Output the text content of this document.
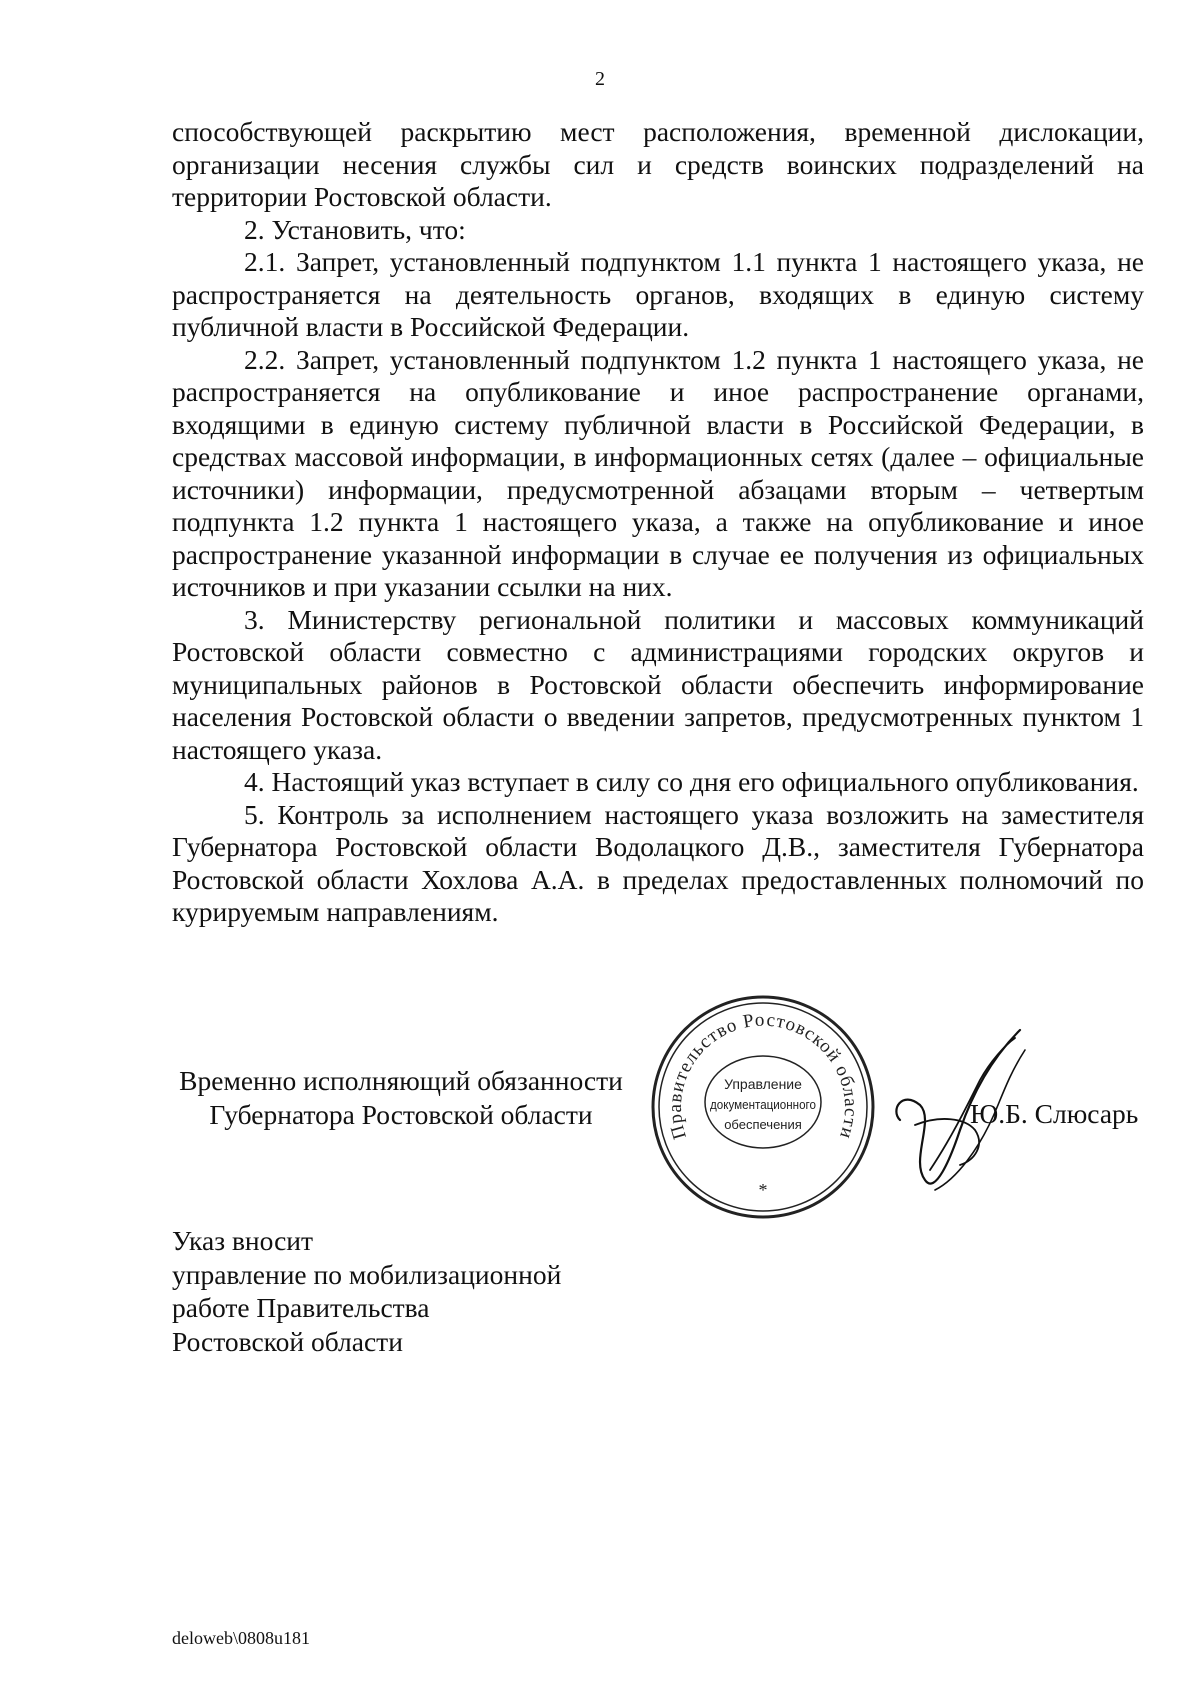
2

способствующей раскрытию мест расположения, временной дислокации, организации несения службы сил и средств воинских подразделений на территории Ростовской области.

2. Установить, что:

2.1. Запрет, установленный подпунктом 1.1 пункта 1 настоящего указа, не распространяется на деятельность органов, входящих в единую систему публичной власти в Российской Федерации.

2.2. Запрет, установленный подпунктом 1.2 пункта 1 настоящего указа, не распространяется на опубликование и иное распространение органами, входящими в единую систему публичной власти в Российской Федерации, в средствах массовой информации, в информационных сетях (далее – официальные источники) информации, предусмотренной абзацами вторым – четвертым подпункта 1.2 пункта 1 настоящего указа, а также на опубликование и иное распространение указанной информации в случае ее получения из официальных источников и при указании ссылки на них.

3. Министерству региональной политики и массовых коммуникаций Ростовской области совместно с администрациями городских округов и муниципальных районов в Ростовской области обеспечить информирование населения Ростовской области о введении запретов, предусмотренных пунктом 1 настоящего указа.

4. Настоящий указ вступает в силу со дня его официального опубликования.

5. Контроль за исполнением настоящего указа возложить на заместителя Губернатора Ростовской области Водолацкого Д.В., заместителя Губернатора Ростовской области Хохлова А.А. в пределах предоставленных полномочий по курируемым направлениям.

Временно исполняющий обязанности
Губернатора Ростовской области
Правительство Ростовской области
Управление
документационного
обеспечения
*
Ю.Б. Слюсарь
Указ вносит
управление по мобилизационной
работе Правительства
Ростовской области
deloweb\0808u181
